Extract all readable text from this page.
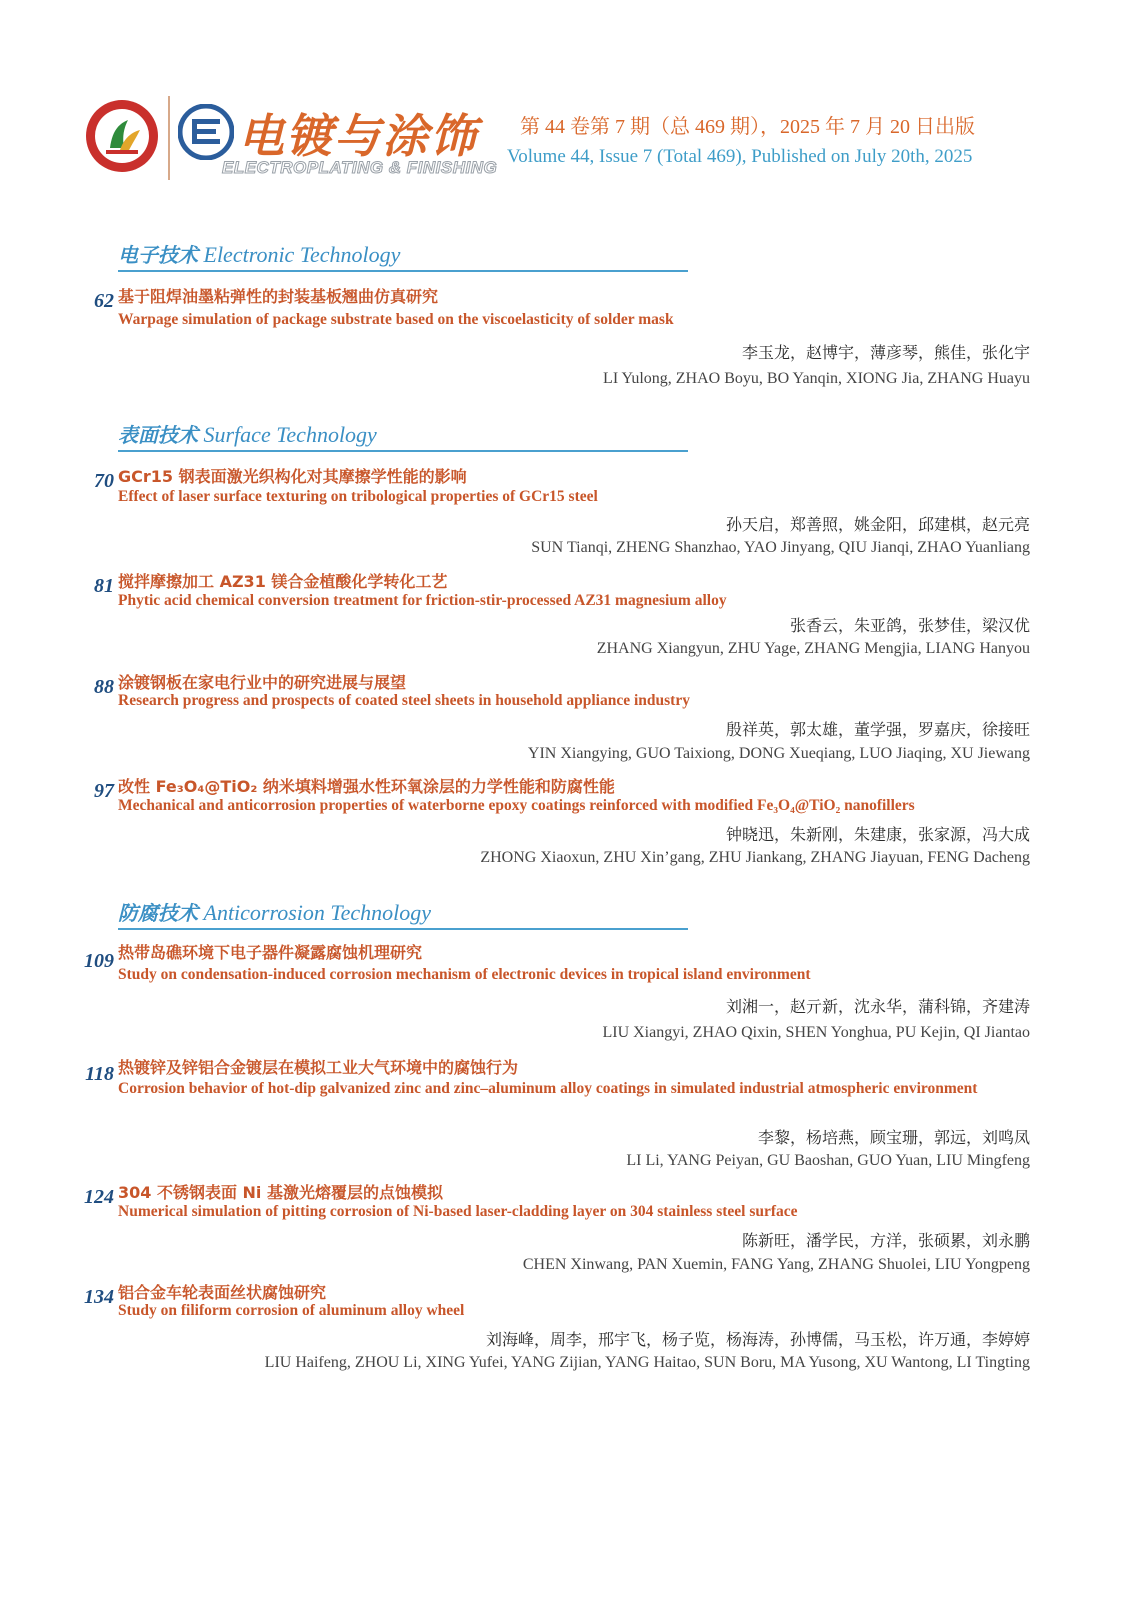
电镀与涂饰
ELECTROPLATING & FINISHING
第 44 卷第 7 期（总 469 期），2025 年 7 月 20 日出版
Volume 44, Issue 7 (Total 469), Published on July 20th, 2025
电子技术 Electronic Technology
62 基于阻焊油墨粘弹性的封装基板翘曲仿真研究
Warpage simulation of package substrate based on the viscoelasticity of solder mask
李玉龙，赵博宇，薄彦琴，熊佳，张化宇
LI Yulong, ZHAO Boyu, BO Yanqin, XIONG Jia, ZHANG Huayu
表面技术 Surface Technology
70 GCr15 钢表面激光织构化对其摩擦学性能的影响
Effect of laser surface texturing on tribological properties of GCr15 steel
孙天启，郑善照，姚金阳，邱建棋，赵元亮
SUN Tianqi, ZHENG Shanzhao, YAO Jinyang, QIU Jianqi, ZHAO Yuanliang
81 搅拌摩擦加工 AZ31 镁合金植酸化学转化工艺
Phytic acid chemical conversion treatment for friction-stir-processed AZ31 magnesium alloy
张香云，朱亚鸽，张梦佳，梁汉优
ZHANG Xiangyun, ZHU Yage, ZHANG Mengjia, LIANG Hanyou
88 涂镀钢板在家电行业中的研究进展与展望
Research progress and prospects of coated steel sheets in household appliance industry
殷祥英，郭太雄，董学强，罗嘉庆，徐接旺
YIN Xiangying, GUO Taixiong, DONG Xueqiang, LUO Jiaqing, XU Jiewang
97 改性 Fe₃O₄@TiO₂ 纳米填料增强水性环氧涂层的力学性能和防腐性能
Mechanical and anticorrosion properties of waterborne epoxy coatings reinforced with modified Fe₃O₄@TiO₂ nanofillers
钟晓迅，朱新刚，朱建康，张家源，冯大成
ZHONG Xiaoxun, ZHU Xin’gang, ZHU Jiankang, ZHANG Jiayuan, FENG Dacheng
防腐技术 Anticorrosion Technology
109 热带岛礁环境下电子器件凝露腐蚀机理研究
Study on condensation-induced corrosion mechanism of electronic devices in tropical island environment
刘湘一，赵亓新，沈永华，蒲科锦，齐建涛
LIU Xiangyi, ZHAO Qixin, SHEN Yonghua, PU Kejin, QI Jiantao
118 热镀锌及锌铝合金镀层在模拟工业大气环境中的腐蚀行为
Corrosion behavior of hot-dip galvanized zinc and zinc–aluminum alloy coatings in simulated industrial atmospheric environment
李黎，杨培燕，顾宝珊，郭远，刘鸣凤
LI Li, YANG Peiyan, GU Baoshan, GUO Yuan, LIU Mingfeng
124 304 不锈钢表面 Ni 基激光熔覆层的点蚀模拟
Numerical simulation of pitting corrosion of Ni-based laser-cladding layer on 304 stainless steel surface
陈新旺，潘学民，方洋，张硕累，刘永鹏
CHEN Xinwang, PAN Xuemin, FANG Yang, ZHANG Shuolei, LIU Yongpeng
134 铝合金车轮表面丝状腐蚀研究
Study on filiform corrosion of aluminum alloy wheel
刘海峰，周李，邢宇飞，杨子览，杨海涛，孙博儒，马玉松，许万通，李婷婷
LIU Haifeng, ZHOU Li, XING Yufei, YANG Zijian, YANG Haitao, SUN Boru, MA Yusong, XU Wantong, LI Tingting
